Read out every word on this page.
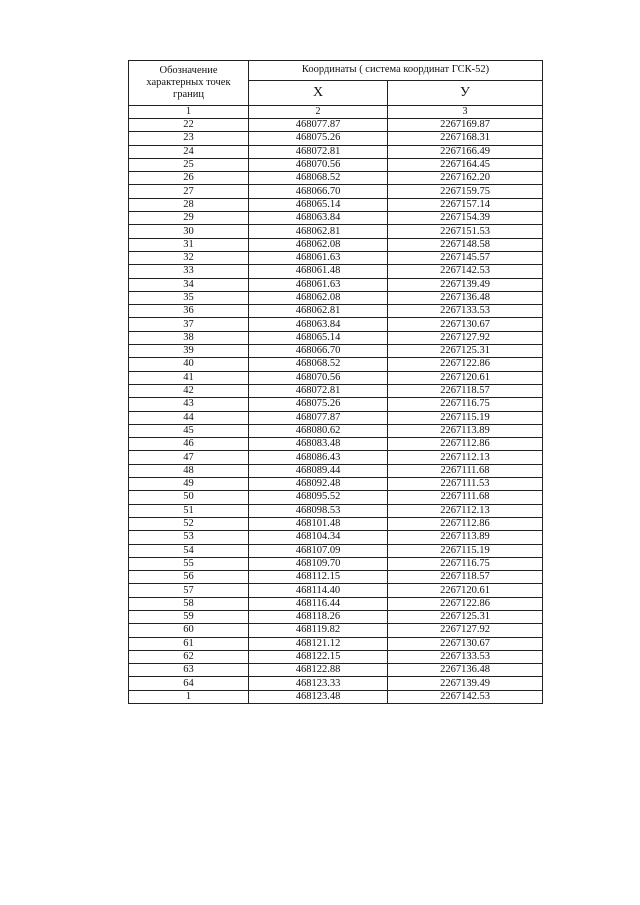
Обозначение характерных точек границ	Координаты ( система координат ГСК-52)	
	X	У
1	2	3
22	468077.87	2267169.87
23	468075.26	2267168.31
24	468072.81	2267166.49
25	468070.56	2267164.45
26	468068.52	2267162.20
27	468066.70	2267159.75
28	468065.14	2267157.14
29	468063.84	2267154.39
30	468062.81	2267151.53
31	468062.08	2267148.58
32	468061.63	2267145.57
33	468061.48	2267142.53
34	468061.63	2267139.49
35	468062.08	2267136.48
36	468062.81	2267133.53
37	468063.84	2267130.67
38	468065.14	2267127.92
39	468066.70	2267125.31
40	468068.52	2267122.86
41	468070.56	2267120.61
42	468072.81	2267118.57
43	468075.26	2267116.75
44	468077.87	2267115.19
45	468080.62	2267113.89
46	468083.48	2267112.86
47	468086.43	2267112.13
48	468089.44	2267111.68
49	468092.48	2267111.53
50	468095.52	2267111.68
51	468098.53	2267112.13
52	468101.48	2267112.86
53	468104.34	2267113.89
54	468107.09	2267115.19
55	468109.70	2267116.75
56	468112.15	2267118.57
57	468114.40	2267120.61
58	468116.44	2267122.86
59	468118.26	2267125.31
60	468119.82	2267127.92
61	468121.12	2267130.67
62	468122.15	2267133.53
63	468122.88	2267136.48
64	468123.33	2267139.49
1	468123.48	2267142.53
